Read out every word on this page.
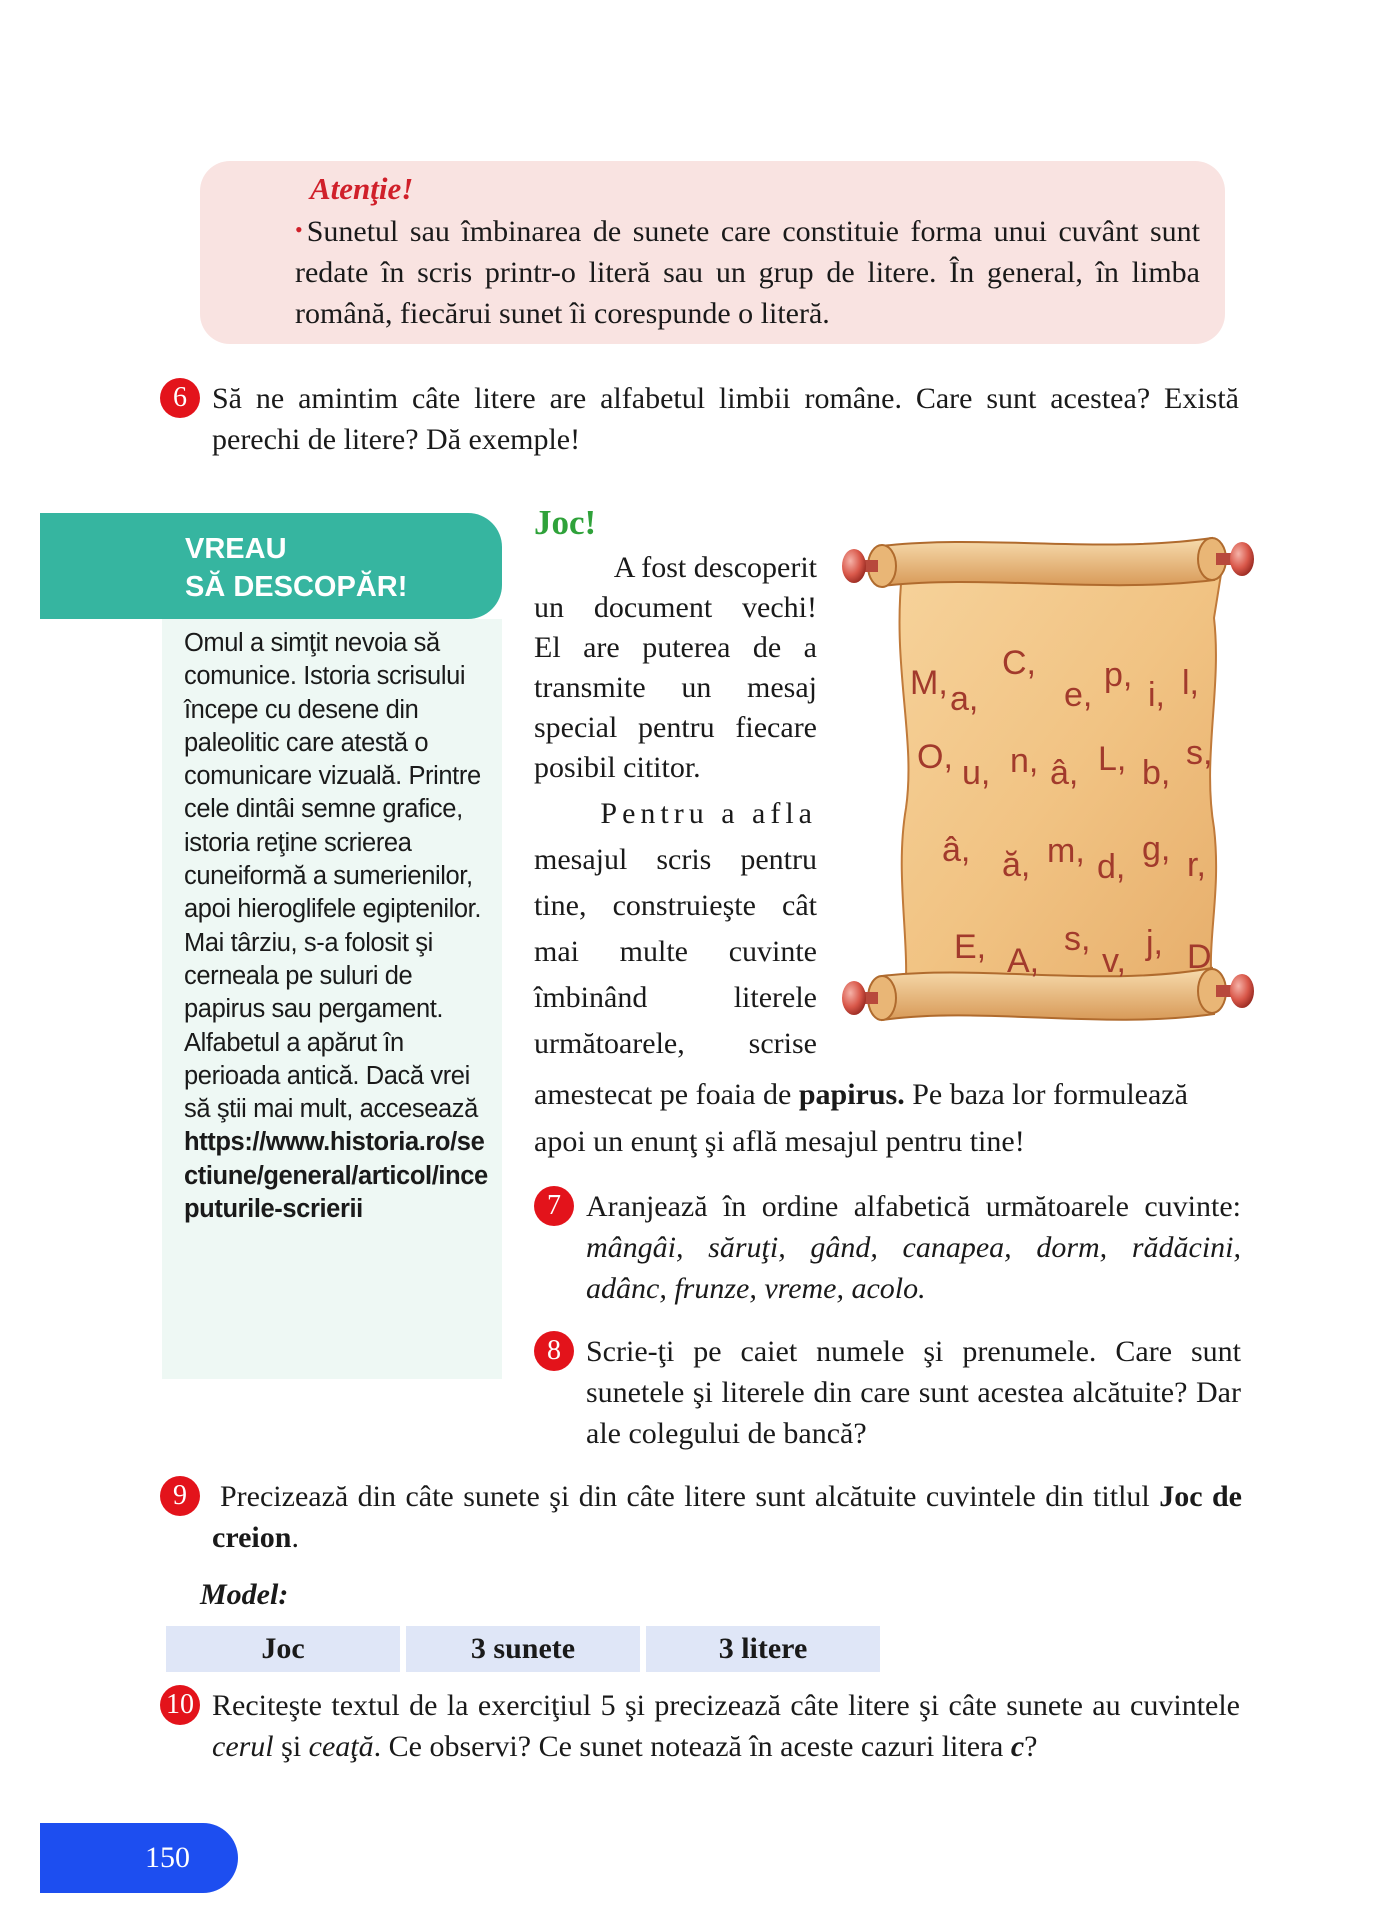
Atenţie!
• Sunetul sau îmbinarea de sunete care constituie forma unui cuvânt sunt redate în scris printr-o literă sau un grup de litere. În general, în limba română, fiecărui sunet îi corespunde o literă.
6 Să ne amintim câte litere are alfabetul limbii române. Care sunt acestea? Există perechi de litere? Dă exemple!
VREAU
SĂ DESCOPĂR!
Omul a simţit nevoia să comunice. Istoria scrisului începe cu desene din paleolitic care atestă o comunicare vizuală. Printre cele dintâi semne grafice, istoria reţine scrierea cuneiformă a sumerienilor, apoi hieroglifele egiptenilor. Mai târziu, s-a folosit şi cerneala pe suluri de papirus sau pergament. Alfabetul a apărut în perioada antică. Dacă vrei să ştii mai mult, accesează https://www.historia.ro/sectiune/general/articol/inceputurile-scrierii
Joc!
A fost descoperit
un document vechi!
El are puterea de a
transmite un mesaj
special pentru fiecare
posibil cititor.
Pentru a afla
mesajul scris pentru
tine, construieşte cât
mai multe cuvinte
îmbinând literele
următoarele, scrise
amestecat pe foaia de papirus. Pe baza lor formulează
apoi un enunţ şi află mesajul pentru tine!
M, a,
C,
e,
p,
i, l,
O, u, n, â, L, b,
s,
â, ă, m, d, g, r,
E, A,
s,
v, j, D
7 Aranjează în ordine alfabetică următoarele cuvinte: mângâi, săruţi, gând, canapea, dorm, rădăcini, adânc, frunze, vreme, acolo.
8 Scrie-ţi pe caiet numele şi prenumele. Care sunt sunetele şi literele din care sunt acestea alcătuite? Dar ale colegului de bancă?
9	Precizează din câte sunete şi din câte litere sunt alcătuite cuvintele din titlul Joc de creion.
Model:
Joc	3 sunete	3 litere
10 Reciteşte textul de la exerciţiul 5 şi precizează câte litere şi câte sunete au cuvintele cerul şi ceaţă. Ce observi? Ce sunet notează în aceste cazuri litera c?
150
